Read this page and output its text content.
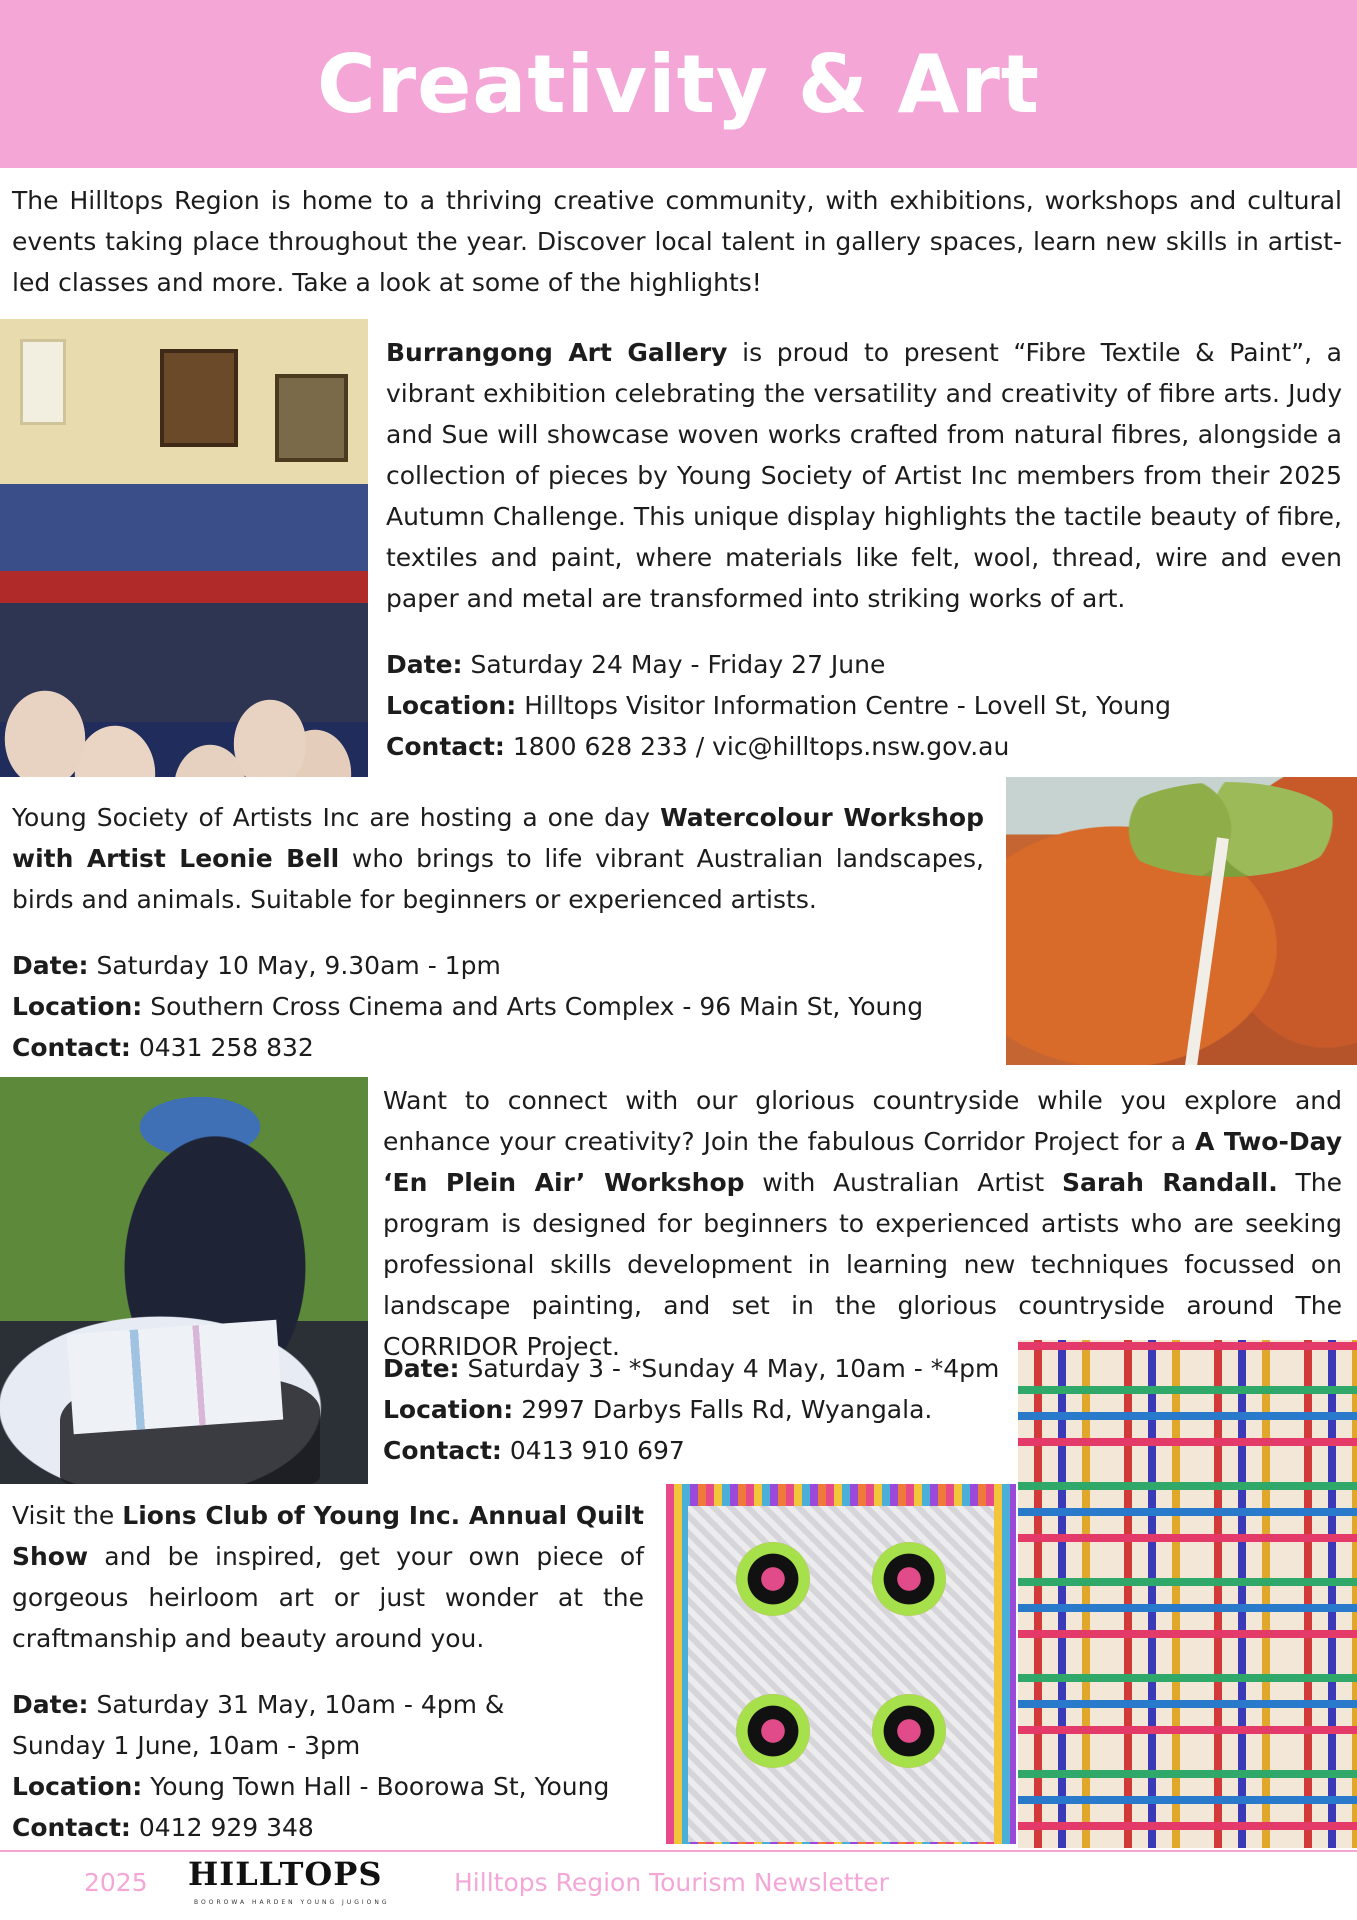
Creativity & Art

The Hilltops Region is home to a thriving creative community, with exhibitions, workshops and cultural events taking place throughout the year. Discover local talent in gallery spaces, learn new skills in artist-led classes and more. Take a look at some of the highlights!

Burrangong Art Gallery is proud to present “Fibre Textile & Paint”, a vibrant exhibition celebrating the versatility and creativity of fibre arts. Judy and Sue will showcase woven works crafted from natural fibres, alongside a collection of pieces by Young Society of Artist Inc members from their 2025 Autumn Challenge. This unique display highlights the tactile beauty of fibre, textiles and paint, where materials like felt, wool, thread, wire and even paper and metal are transformed into striking works of art.

Date: Saturday 24 May - Friday 27 June

Location: Hilltops Visitor Information Centre - Lovell St, Young

Contact: 1800 628 233 / vic@hilltops.nsw.gov.au

Young Society of Artists Inc are hosting a one day Watercolour Workshop with Artist Leonie Bell who brings to life vibrant Australian landscapes, birds and animals. Suitable for beginners or experienced artists.

Date: Saturday 10 May, 9.30am - 1pm

Location: Southern Cross Cinema and Arts Complex - 96 Main St, Young

Contact: 0431 258 832

Want to connect with our glorious countryside while you explore and enhance your creativity? Join the fabulous Corridor Project for a A Two-Day ‘En Plein Air’ Workshop with Australian Artist Sarah Randall. The program is designed for beginners to experienced artists who are seeking professional skills development in learning new techniques focussed on landscape painting, and set in the glorious countryside around The CORRIDOR Project.

Date: Saturday 3 - *Sunday 4 May, 10am - *4pm

Location: 2997 Darbys Falls Rd, Wyangala.

Contact: 0413 910 697

Visit the Lions Club of Young Inc. Annual Quilt Show and be inspired, get your own piece of gorgeous heirloom art or just wonder at the craftmanship and beauty around you.

Date: Saturday 31 May, 10am - 4pm &

Sunday 1 June, 10am - 3pm

Location: Young Town Hall - Boorowa St, Young

Contact: 0412 929 348

2025 HILLTOPS
BOOROWA HARDEN YOUNG JUGIONG
Hilltops Region Tourism Newsletter
